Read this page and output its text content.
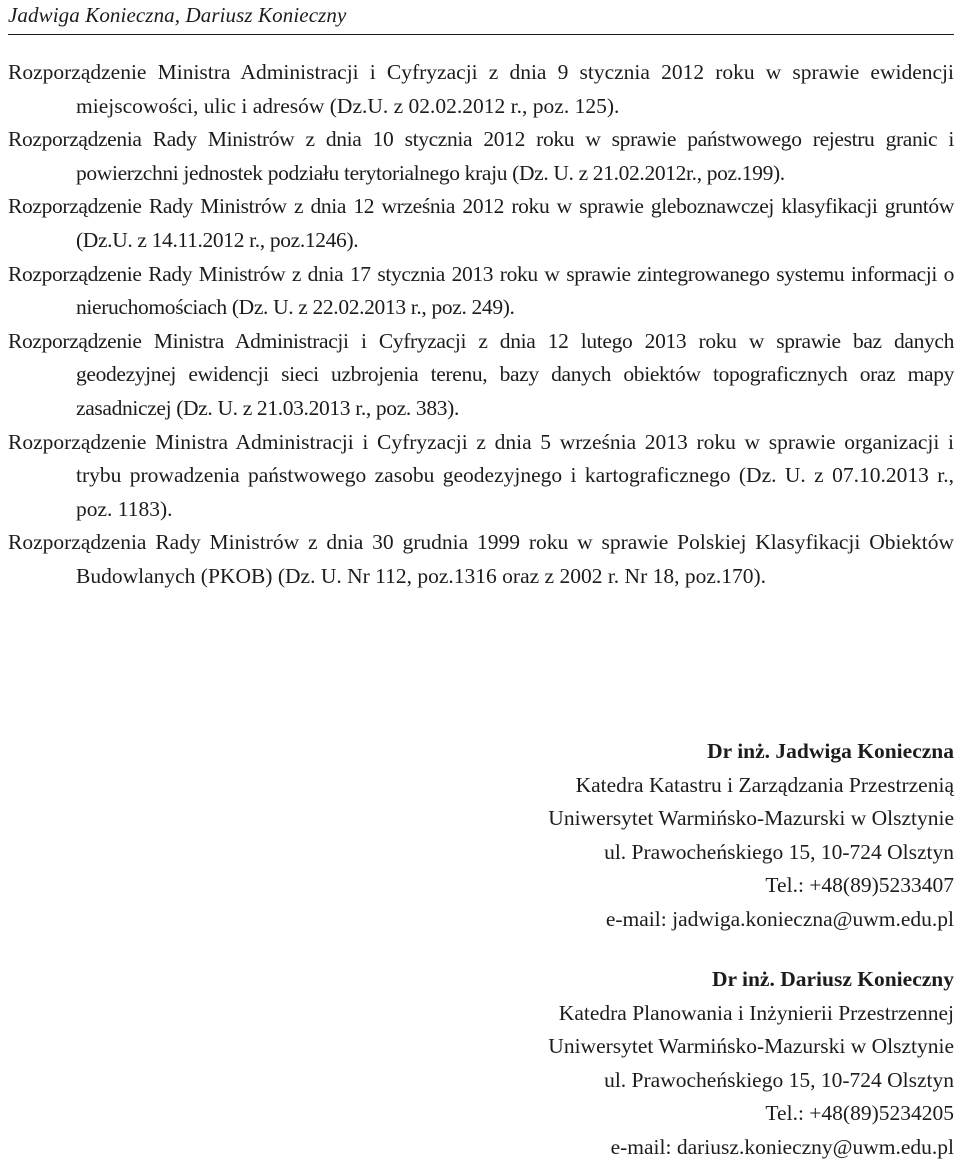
Jadwiga Konieczna, Dariusz Konieczny
Rozporządzenie Ministra Administracji i Cyfryzacji z dnia 9 stycznia 2012 roku w sprawie ewidencji miejscowości, ulic i adresów (Dz.U. z 02.02.2012 r., poz. 125).
Rozporządzenia Rady Ministrów z dnia 10 stycznia 2012 roku w sprawie państwowego rejestru granic i powierzchni jednostek podziału terytorialnego kraju (Dz. U. z 21.02.2012r., poz.199).
Rozporządzenie Rady Ministrów z dnia 12 września 2012 roku w sprawie gleboznawczej klasyfikacji gruntów (Dz.U. z 14.11.2012 r., poz.1246).
Rozporządzenie Rady Ministrów z dnia 17 stycznia 2013 roku w sprawie zintegrowanego systemu informacji o nieruchomościach (Dz. U. z 22.02.2013 r., poz. 249).
Rozporządzenie Ministra Administracji i Cyfryzacji z dnia 12 lutego 2013 roku w sprawie baz danych geodezyjnej ewidencji sieci uzbrojenia terenu, bazy danych obiektów topograficznych oraz mapy zasadniczej (Dz. U. z 21.03.2013 r., poz. 383).
Rozporządzenie Ministra Administracji i Cyfryzacji z dnia 5 września 2013 roku w sprawie organizacji i trybu prowadzenia państwowego zasobu geodezyjnego i kartograficznego (Dz. U. z 07.10.2013 r., poz. 1183).
Rozporządzenia Rady Ministrów z dnia 30 grudnia 1999 roku w sprawie Polskiej Klasyfikacji Obiektów Budowlanych (PKOB) (Dz. U. Nr 112, poz.1316 oraz z 2002 r. Nr 18, poz.170).
Dr inż. Jadwiga Konieczna
Katedra Katastru i Zarządzania Przestrzenią
Uniwersytet Warmińsko-Mazurski w Olsztynie
ul. Prawocheńskiego 15, 10-724 Olsztyn
Tel.: +48(89)5233407
e-mail: jadwiga.konieczna@uwm.edu.pl
Dr inż. Dariusz Konieczny
Katedra Planowania i Inżynierii Przestrzennej
Uniwersytet Warmińsko-Mazurski w Olsztynie
ul. Prawocheńskiego 15, 10-724 Olsztyn
Tel.: +48(89)5234205
e-mail: dariusz.konieczny@uwm.edu.pl
